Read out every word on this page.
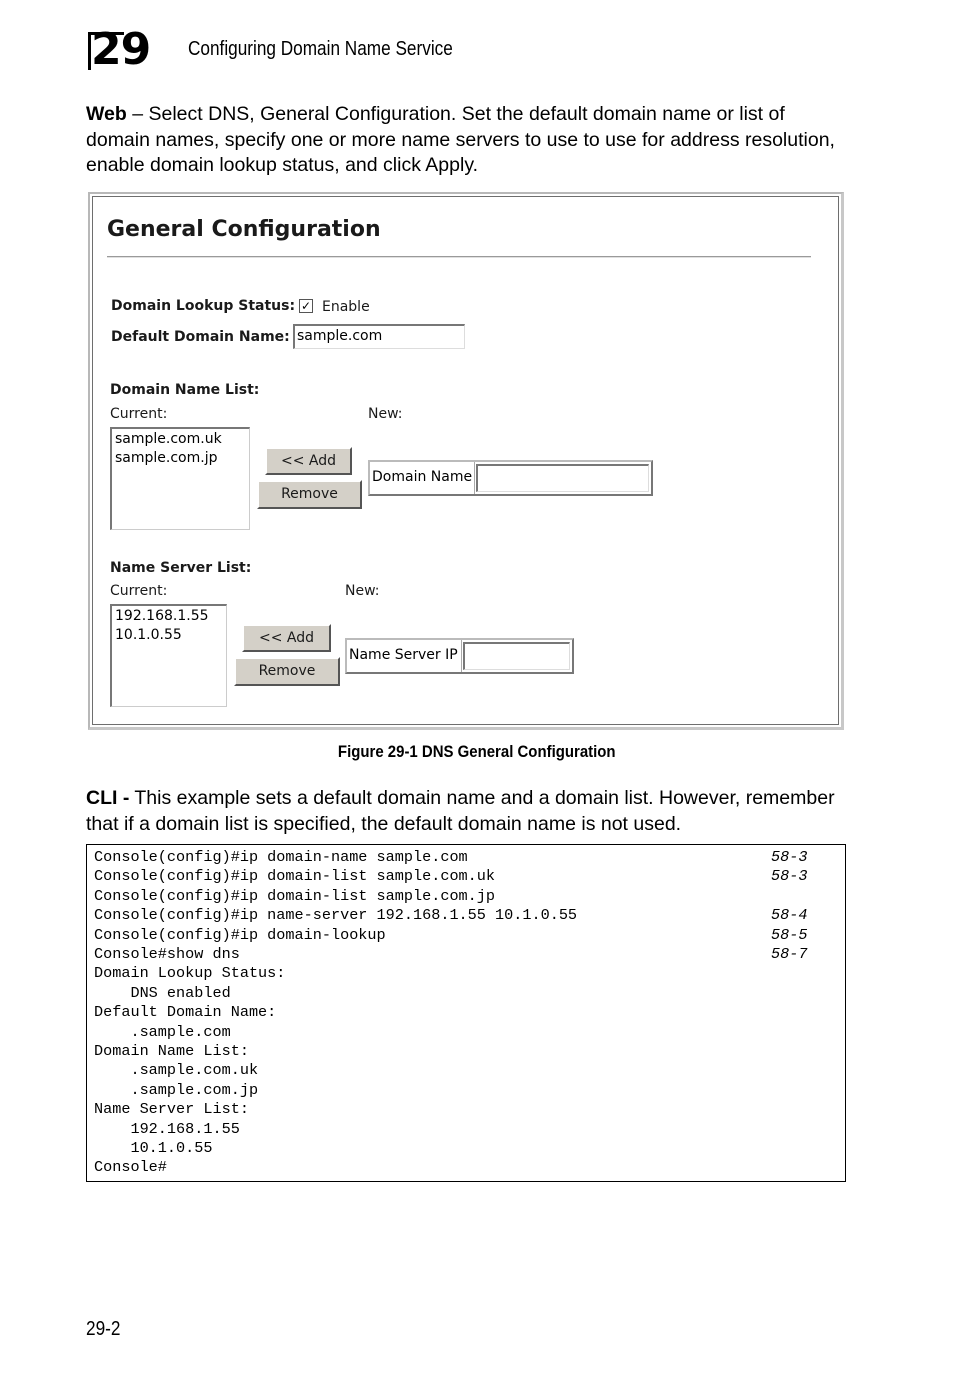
29 Configuring Domain Name Service
Web – Select DNS, General Configuration. Set the default domain name or list of domain names, specify one or more name servers to use to use for address resolution, enable domain lookup status, and click Apply.
General Configuration
Domain Lookup Status: ✓ Enable
Default Domain Name: sample.com
Domain Name List:
Current:	New:
sample.com.uk
sample.com.jp	<< Add
Remove
Domain Name
Name Server List:
Current:	New:
192.168.1.55
10.1.0.55	<< Add
Remove
Name Server IP
Figure 29-1 DNS General Configuration
CLI - This example sets a default domain name and a domain list. However, remember that if a domain list is specified, the default domain name is not used.
Console(config)#ip domain-name sample.com	58-3
Console(config)#ip domain-list sample.com.uk	58-3
Console(config)#ip domain-list sample.com.jp
Console(config)#ip name-server 192.168.1.55 10.1.0.55	58-4
Console(config)#ip domain-lookup	58-5
Console#show dns	58-7
Domain Lookup Status:
DNS enabled
Default Domain Name:
.sample.com
Domain Name List:
.sample.com.uk
.sample.com.jp
Name Server List:
192.168.1.55
10.1.0.55
Console#
29-2
